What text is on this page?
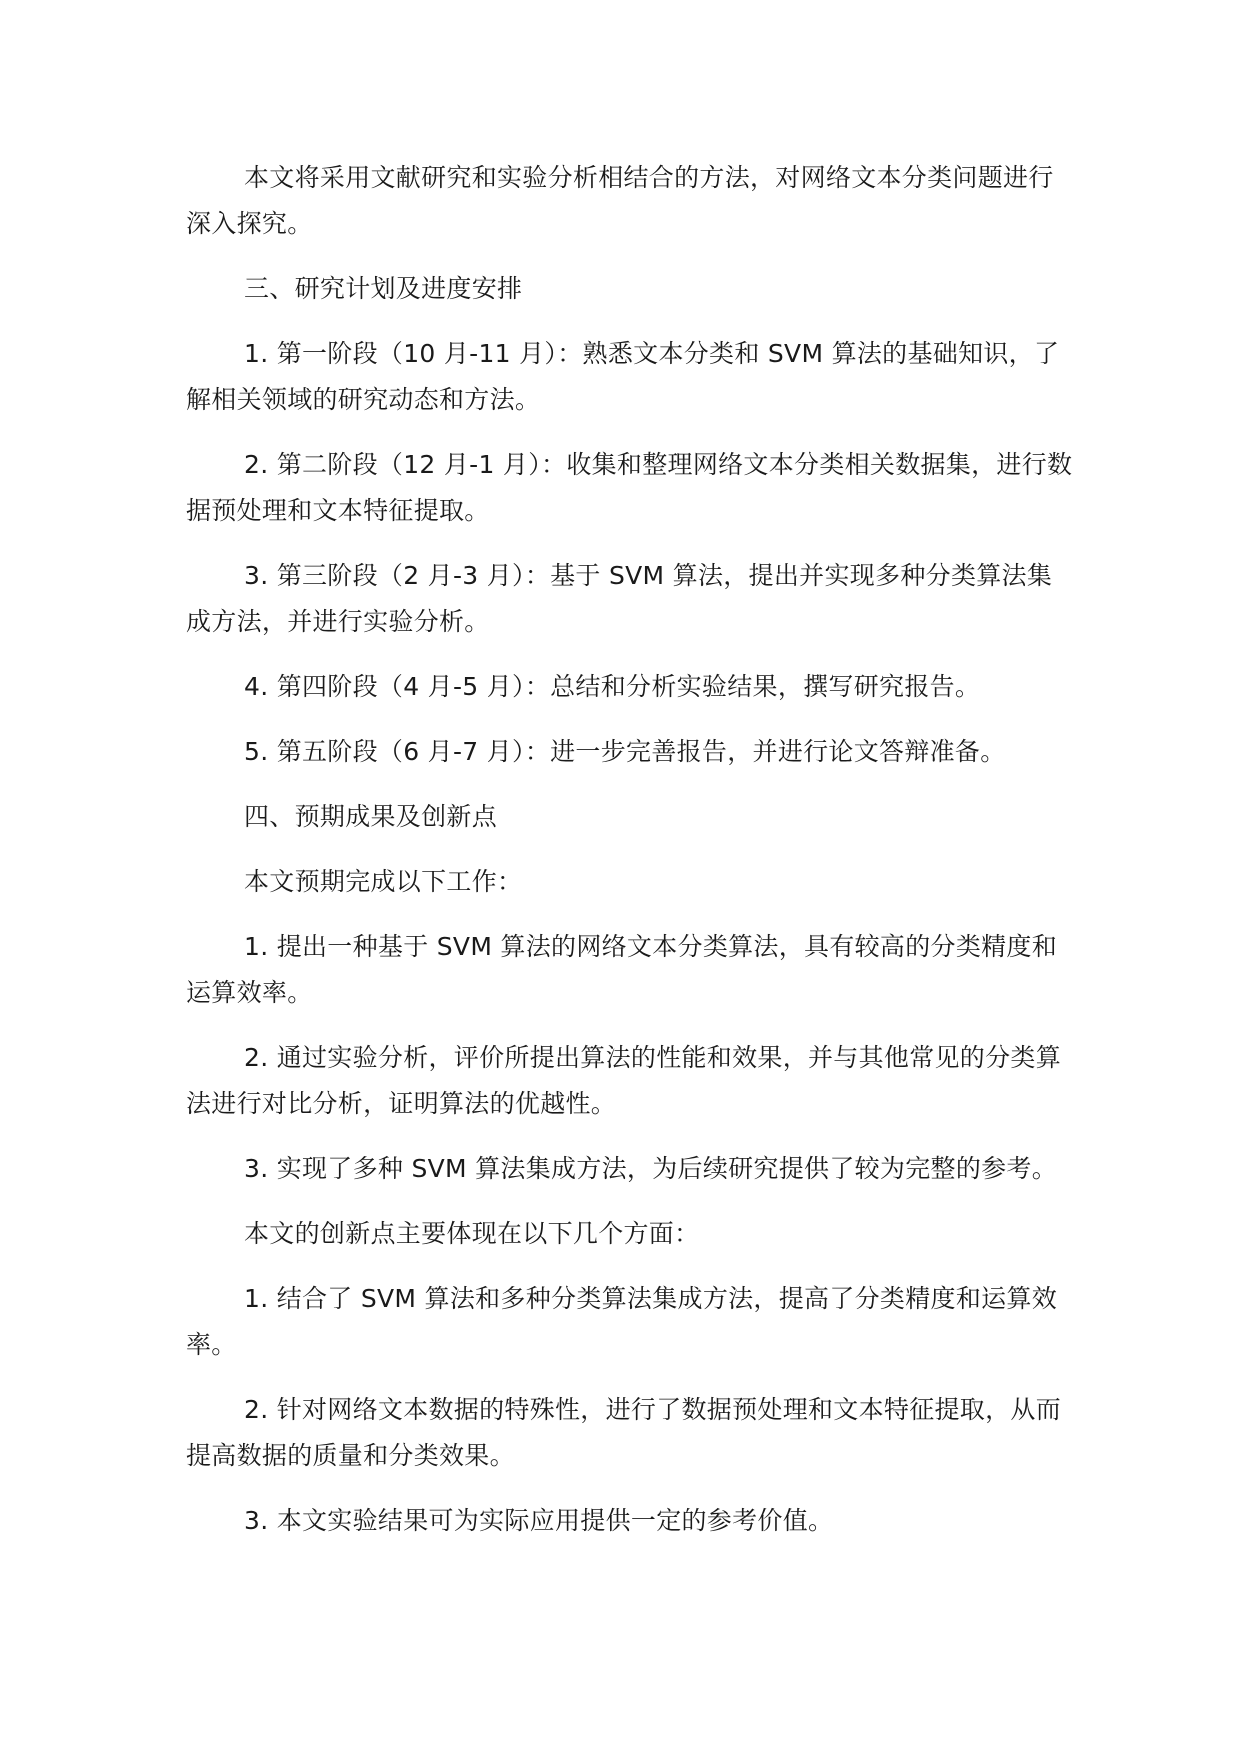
本文将采用文献研究和实验分析相结合的方法，对网络文本分类问题进行深入探究。

三、研究计划及进度安排

1. 第一阶段（10 月-11 月）：熟悉文本分类和 SVM 算法的基础知识，了解相关领域的研究动态和方法。

2. 第二阶段（12 月-1 月）：收集和整理网络文本分类相关数据集，进行数据预处理和文本特征提取。

3. 第三阶段（2 月-3 月）：基于 SVM 算法，提出并实现多种分类算法集成方法，并进行实验分析。

4. 第四阶段（4 月-5 月）：总结和分析实验结果，撰写研究报告。

5. 第五阶段（6 月-7 月）：进一步完善报告，并进行论文答辩准备。

四、预期成果及创新点

本文预期完成以下工作：

1. 提出一种基于 SVM 算法的网络文本分类算法，具有较高的分类精度和运算效率。

2. 通过实验分析，评价所提出算法的性能和效果，并与其他常见的分类算法进行对比分析，证明算法的优越性。

3. 实现了多种 SVM 算法集成方法，为后续研究提供了较为完整的参考。

本文的创新点主要体现在以下几个方面：

1. 结合了 SVM 算法和多种分类算法集成方法，提高了分类精度和运算效率。

2. 针对网络文本数据的特殊性，进行了数据预处理和文本特征提取，从而提高数据的质量和分类效果。

3. 本文实验结果可为实际应用提供一定的参考价值。
